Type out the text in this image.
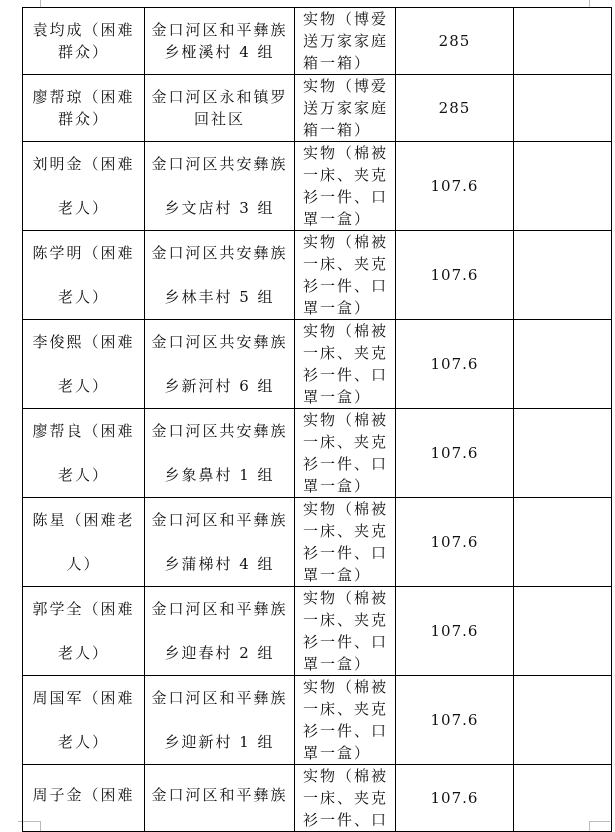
袁均成（困难群众）	金口河区和平彝族乡桠溪村 4 组	实物（博爱送万家家庭箱一箱）	285	

廖帮琼（困难群众）	金口河区永和镇罗回社区	实物（博爱送万家家庭箱一箱）	285	

刘明金（困难老人）	金口河区共安彝族乡文店村 3 组	实物（棉被一床、夹克衫一件、口罩一盒）	107.6	

陈学明（困难老人）	金口河区共安彝族乡林丰村 5 组	实物（棉被一床、夹克衫一件、口罩一盒）	107.6	

李俊熙（困难老人）	金口河区共安彝族乡新河村 6 组	实物（棉被一床、夹克衫一件、口罩一盒）	107.6	

廖帮良（困难老人）	金口河区共安彝族乡象鼻村 1 组	实物（棉被一床、夹克衫一件、口罩一盒）	107.6	

陈星（困难老人）	金口河区和平彝族乡蒲梯村 4 组	实物（棉被一床、夹克衫一件、口罩一盒）	107.6	

郭学全（困难老人）	金口河区和平彝族乡迎春村 2 组	实物（棉被一床、夹克衫一件、口罩一盒）	107.6	

周国军（困难老人）	金口河区和平彝族乡迎新村 1 组	实物（棉被一床、夹克衫一件、口罩一盒）	107.6	

周子金（困难	金口河区和平彝族	实物（棉被一床、夹克衫一件、口	107.6	
